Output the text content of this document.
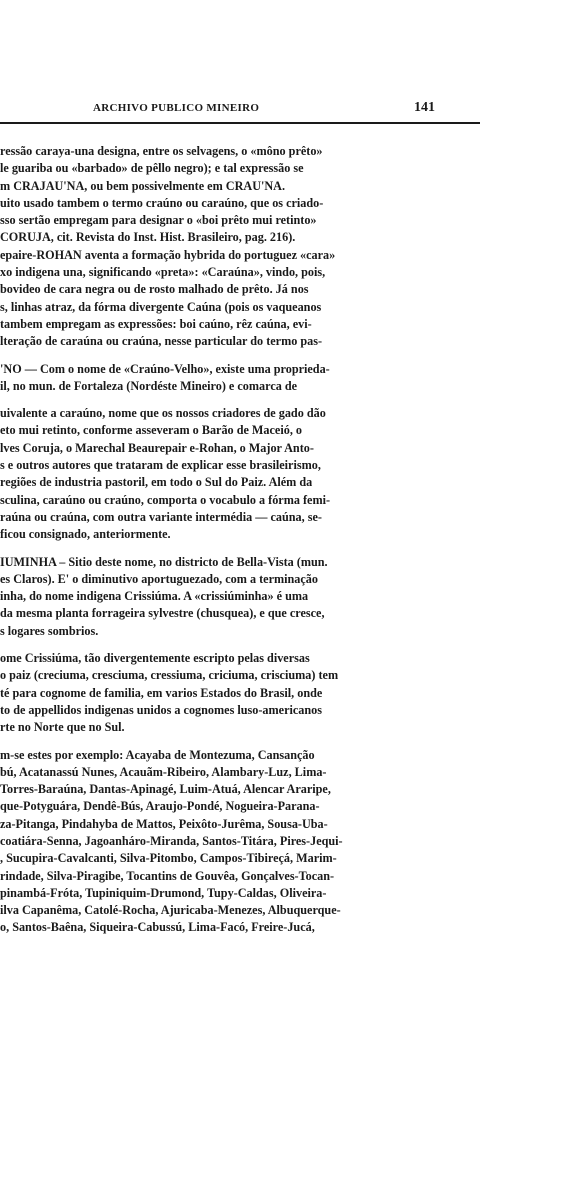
ARCHIVO PUBLICO MINEIRO	141
ressão caraya-una designa, entre os selvagens, o «môno prêto»
le guariba ou «barbado» de pêllo negro); e tal expressão se
m CRAJAU'NA, ou bem possivelmente em CRAU'NA.
uito usado tambem o termo craúno ou caraúno, que os criado-
sso sertão empregam para designar o «boi prêto mui retinto»
CORUJA, cit. Revista do Inst. Hist. Brasileiro, pag. 216).
epaire-ROHAN aventa a formação hybrida do portuguez «cara»
xo indigena una, significando «preta»: «Caraúna», vindo, pois,
bovideo de cara negra ou de rosto malhado de prêto. Já nos
s, linhas atraz, da fórma divergente Caúna (pois os vaqueanos
tambem empregam as expressões: boi caúno, rêz caúna, evi-
lteração de caraúna ou craúna, nesse particular do termo pas-
'NO — Com o nome de «Craúno-Velho», existe uma proprieda-
il, no mun. de Fortaleza (Nordéste Mineiro) e comarca de
uivalente a caraúno, nome que os nossos criadores de gado dão
eto mui retinto, conforme asseveram o Barão de Maceió, o
lves Coruja, o Marechal Beaurepair e-Rohan, o Major Anto-
s e outros autores que trataram de explicar esse brasileirismo,
regiões de industria pastoril, em todo o Sul do Paiz. Além da
sculina, caraúno ou craúno, comporta o vocabulo a fórma femi-
raúna ou craúna, com outra variante intermédia — caúna, se-
ficou consignado, anteriormente.
IUMINHA – Sitio deste nome, no districto de Bella-Vista (mun.
es Claros). E' o diminutivo aportuguezado, com a terminação
inha, do nome indigena Crissiúma. A «crissiúminha» é uma
da mesma planta forrageira sylvestre (chusquea), e que cresce,
s logares sombrios.
ome Crissiúma, tão divergentemente escripto pelas diversas
o paiz (creciuma, cresciuma, cressiuma, criciuma, crisciuma) tem
té para cognome de familia, em varios Estados do Brasil, onde
to de appellidos indigenas unidos a cognomes luso-americanos
rte no Norte que no Sul.
m-se estes por exemplo: Acayaba de Montezuma, Cansanção
bú, Acatanassú Nunes, Acauãm-Ribeiro, Alambary-Luz, Lima-
Torres-Baraúna, Dantas-Apinagé, Luim-Atuá, Alencar Araripe,
que-Potyguára, Dendê-Bús, Araujo-Pondé, Nogueira-Parana-
za-Pitanga, Pindahyba de Mattos, Peixôto-Jurêma, Sousa-Uba-
coatiára-Senna, Jagoanháro-Miranda, Santos-Titára, Pires-Jequi-
, Sucupira-Cavalcanti, Silva-Pitombo, Campos-Tibireçá, Marim-
rindade, Silva-Piragibe, Tocantins de Gouvêa, Gonçalves-Tocan-
pinambá-Fróta, Tupiniquim-Drumond, Tupy-Caldas, Oliveira-
ilva Capanêma, Catolé-Rocha, Ajuricaba-Menezes, Albuquerque-
o, Santos-Baêna, Siqueira-Cabussú, Lima-Facó, Freire-Jucá,
